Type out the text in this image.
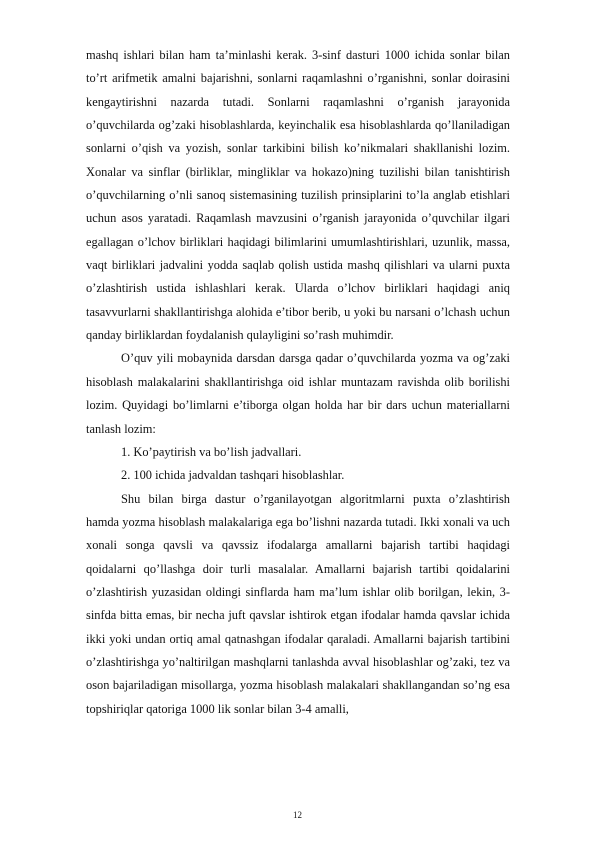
mashq ishlari bilan ham ta’minlashi kerak. 3-sinf dasturi 1000 ichida sonlar bilan to’rt arifmetik amalni bajarishni, sonlarni raqamlashni o’rganishni, sonlar doirasini kengaytirishni nazarda tutadi. Sonlarni raqamlashni o’rganish jarayonida o’quvchilarda og’zaki hisoblashlarda, keyinchalik esa hisoblashlarda qo’llaniladigan sonlarni o’qish va yozish, sonlar tarkibini bilish ko’nikmalari shakllanishi lozim. Xonalar va sinflar (birliklar, mingliklar va hokazo)ning tuzilishi bilan tanishtirish o’quvchilarning o’nli sanoq sistemasining tuzilish prinsiplarini to’la anglab etishlari uchun asos yaratadi. Raqamlash mavzusini o’rganish jarayonida o’quvchilar ilgari egallagan o’lchov birliklari haqidagi bilimlarini umumlashtirishlari, uzunlik, massa, vaqt birliklari jadvalini yodda saqlab qolish ustida mashq qilishlari va ularni puxta o’zlashtirish ustida ishlashlari kerak. Ularda o’lchov birliklari haqidagi aniq tasavvurlarni shakllantirishga alohida e’tibor berib, u yoki bu narsani o’lchash uchun qanday birliklardan foydalanish qulayligini so’rash muhimdir.

O’quv yili mobaynida darsdan darsga qadar o’quvchilarda yozma va og’zaki hisoblash malakalarini shakllantirishga oid ishlar muntazam ravishda olib borilishi lozim. Quyidagi bo’limlarni e’tiborga olgan holda har bir dars uchun materiallarni tanlash lozim:

1. Ko’paytirish va bo’lish jadvallari.

2. 100 ichida jadvaldan tashqari hisoblashlar.

Shu bilan birga dastur o’rganilayotgan algoritmlarni puxta o’zlashtirish hamda yozma hisoblash malakalariga ega bo’lishni nazarda tutadi. Ikki xonali va uch xonali songa qavsli va qavssiz ifodalarga amallarni bajarish tartibi haqidagi qoidalarni qo’llashga doir turli masalalar. Amallarni bajarish tartibi qoidalarini o’zlashtirish yuzasidan oldingi sinflarda ham ma’lum ishlar olib borilgan, lekin, 3-sinfda bitta emas, bir necha juft qavslar ishtirok etgan ifodalar hamda qavslar ichida ikki yoki undan ortiq amal qatnashgan ifodalar qaraladi. Amallarni bajarish tartibini o’zlashtirishga yo’naltirilgan mashqlarni tanlashda avval hisoblashlar og’zaki, tez va oson bajariladigan misollarga, yozma hisoblash malakalari shakllangandan so’ng esa topshiriqlar qatoriga 1000 lik sonlar bilan 3-4 amalli,

12
